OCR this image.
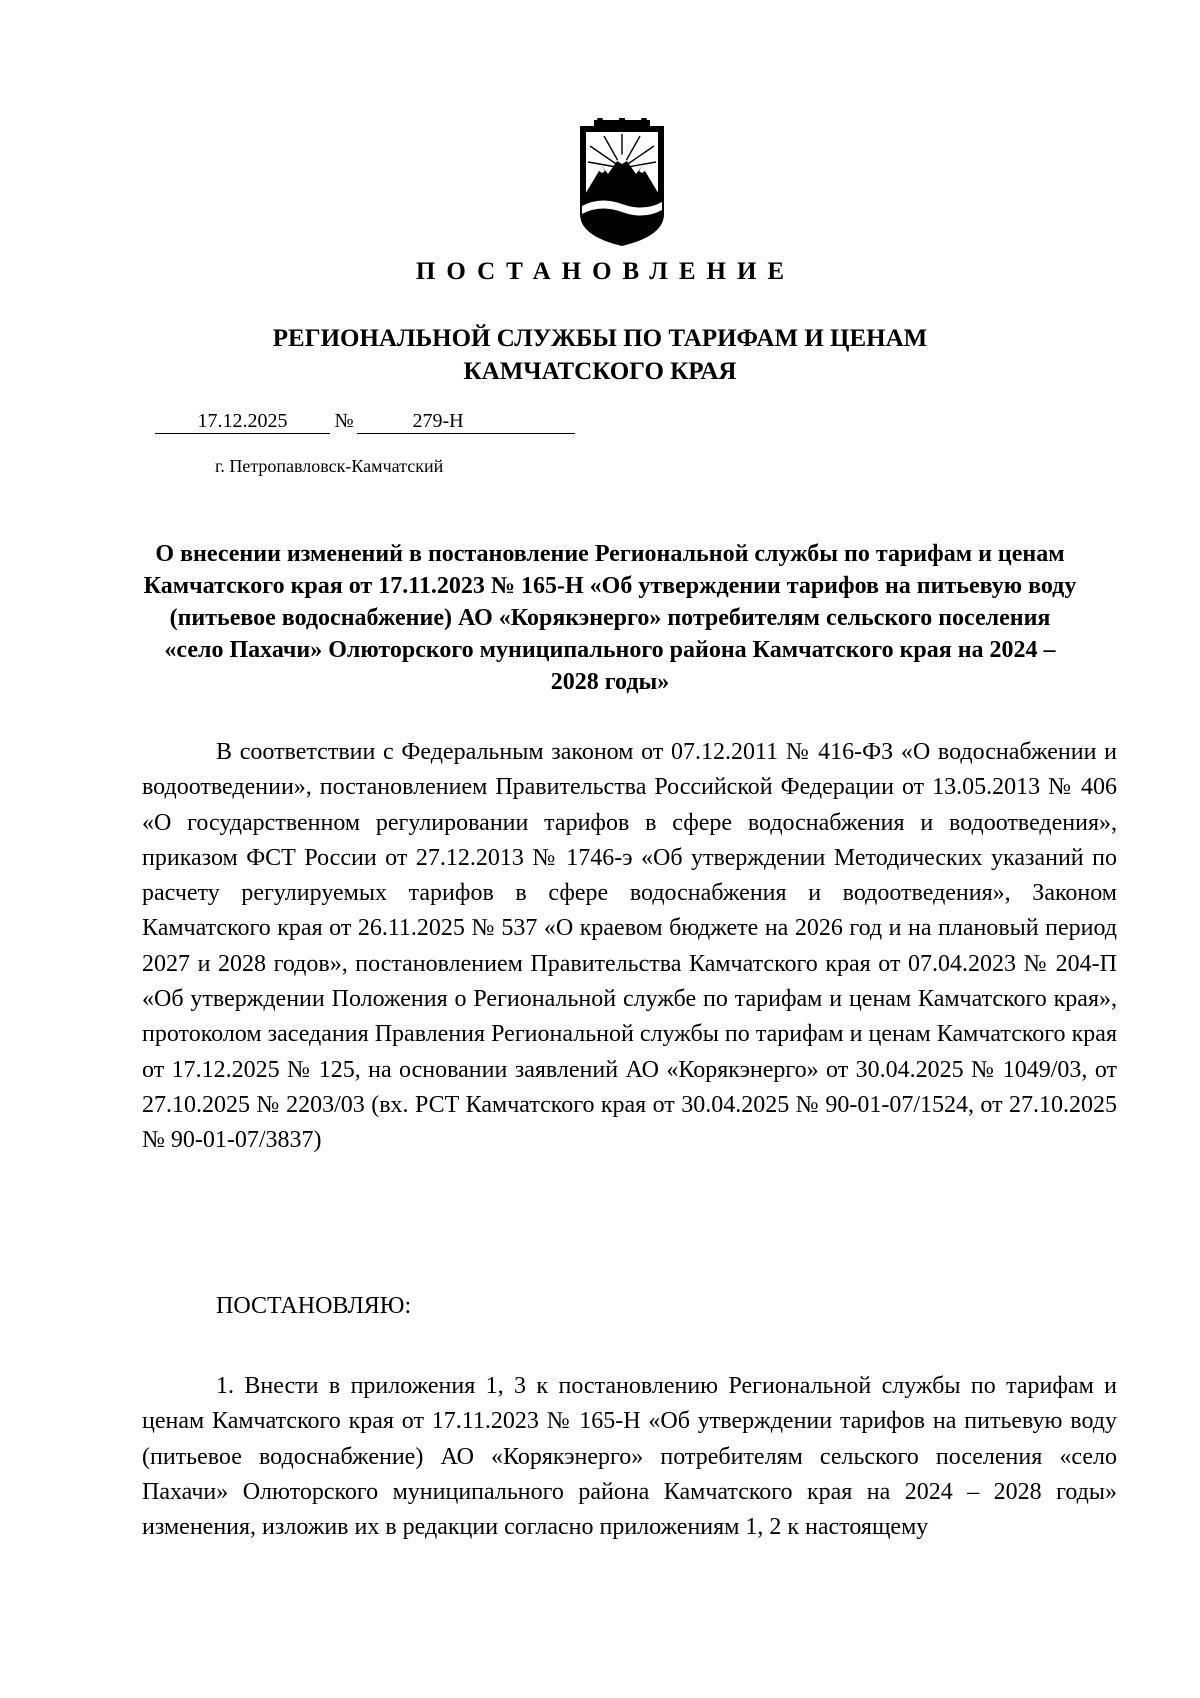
ПОСТАНОВЛЕНИЕ
РЕГИОНАЛЬНОЙ СЛУЖБЫ ПО ТАРИФАМ И ЦЕНАМ
КАМЧАТСКОГО КРАЯ
17.12.2025	№	279-Н
г. Петропавловск-Камчатский
О внесении изменений в постановление Региональной службы по тарифам и ценам Камчатского края от 17.11.2023 № 165-Н «Об утверждении тарифов на питьевую воду (питьевое водоснабжение) АО «Корякэнерго» потребителям сельского поселения «село Пахачи» Олюторского муниципального района Камчатского края на 2024 – 2028 годы»

В соответствии с Федеральным законом от 07.12.2011 № 416-ФЗ «О водоснабжении и водоотведении», постановлением Правительства Российской Федерации от 13.05.2013 № 406 «О государственном регулировании тарифов в сфере водоснабжения и водоотведения», приказом ФСТ России от 27.12.2013 № 1746-э «Об утверждении Методических указаний по расчету регулируемых тарифов в сфере водоснабжения и водоотведения», Законом Камчатского края от 26.11.2025 № 537 «О краевом бюджете на 2026 год и на плановый период 2027 и 2028 годов», постановлением Правительства Камчатского края от 07.04.2023 № 204-П «Об утверждении Положения о Региональной службе по тарифам и ценам Камчатского края», протоколом заседания Правления Региональной службы по тарифам и ценам Камчатского края от 17.12.2025 № 125, на основании заявлений АО «Корякэнерго» от 30.04.2025 № 1049/03, от 27.10.2025 № 2203/03 (вх. РСТ Камчатского края от 30.04.2025 № 90-01-07/1524, от 27.10.2025 № 90-01-07/3837)

ПОСТАНОВЛЯЮ:

1. Внести в приложения 1, 3 к постановлению Региональной службы по тарифам и ценам Камчатского края от 17.11.2023 № 165-Н «Об утверждении тарифов на питьевую воду (питьевое водоснабжение) АО «Корякэнерго» потребителям сельского поселения «село Пахачи» Олюторского муниципального района Камчатского края на 2024 – 2028 годы» изменения, изложив их в редакции согласно приложениям 1, 2 к настоящему
